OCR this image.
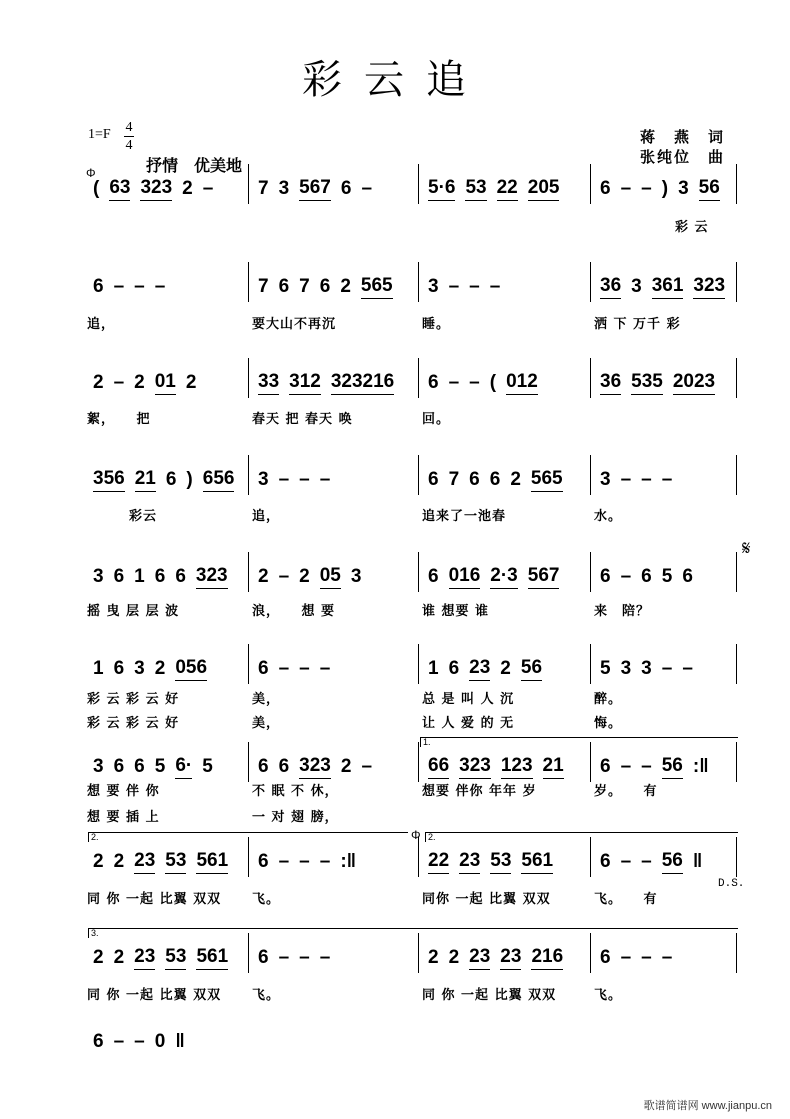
彩云追
1=F 4
4
抒情　优美地
蒋　燕　词
张纯位　曲
Φ
𝄋
Φ
D.S.
1.
2.	2.
3.
( 63 323 2 – 7 3 567 6 –	5·6 53 22 205 6 – – ) 3 56
彩 云
6 – – –	7 6 7 6 2 565 3 – – –	36 3 361 323
追，	要大山不再沉	睡。	洒 下 万千 彩
2 – 2 01 2	33 312 323216 6 – – ( 012	36 535 2023
絮，　　把	春天 把 春天 唤	回。
356 21 6 ) 656 3 – – –	6 7 6 6 2 565 3 – – –
　　　彩云	追，	追来了一池春	水。
3 6 1 6 6 323 2 – 2 05 3	6 016 2·3 567 6 – 6 5 6
摇 曳 层 层 波	浪，　　想 要	谁 想要 谁	来　陪？
1 6 3 2 056	6 – – –	1 6 23 2 56	5 3 3 – –
彩 云 彩 云 好	美，	总 是 叫 人 沉	醉。
彩 云 彩 云 好	美，	让 人 爱 的 无	悔。
3 6 6 5 6· 5 6 6 323 2 –	66 323 123 21 6 – – 56 :‖
想 要 伴 你	不 眠 不 休，	想要 伴你 年年 岁	岁。　　有
想 要 插 上	一 对 翅 膀，
2 2 23 53 561 6 – – – :‖	22 23 53 561 6 – – 56 ‖
同 你 一起 比翼 双双 飞。	同你 一起 比翼 双双	飞。　　有
2 2 23 53 561 6 – – –	2 2 23 23 216 6 – – –
同 你 一起 比翼 双双 飞。	同 你 一起 比翼 双双	飞。
6 – – 0 ‖
歌谱简谱网 www.jianpu.cn
